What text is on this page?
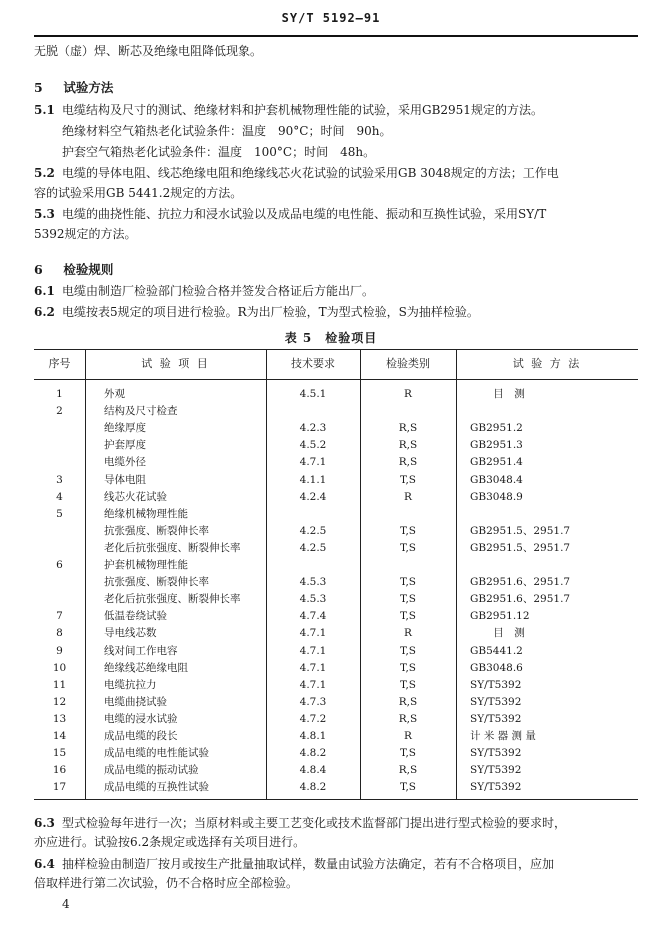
SY/T 5192—91
无脱（虚）焊、断芯及绝缘电阻降低现象。
5 试验方法
5.1 电缆结构及尺寸的测试、绝缘材料和护套机械物理性能的试验，采用GB2951规定的方法。
绝缘材料空气箱热老化试验条件：温度　90°C；时间　90h。
护套空气箱热老化试验条件：温度　100°C；时间　48h。
5.2 电缆的导体电阻、线芯绝缘电阻和绝缘线芯火花试验的试验采用GB 3048规定的方法；工作电
容的试验采用GB 5441.2规定的方法。
5.3 电缆的曲挠性能、抗拉力和浸水试验以及成品电缆的电性能、振动和互换性试验，采用SY/T
5392规定的方法。
6 检验规则
6.1 电缆由制造厂检验部门检验合格并签发合格证后方能出厂。
6.2 电缆按表5规定的项目进行检验。R为出厂检验，T为型式检验，S为抽样检验。
表 5　检验项目
序号	试 验 项 目	技术要求	检验类别	试 验 方 法
1	外观	4.5.1	R	目　测
2	结构及尺寸检查
绝缘厚度	4.2.3	R,S	GB2951.2
护套厚度	4.5.2	R,S	GB2951.3
电缆外径	4.7.1	R,S	GB2951.4
3	导体电阻	4.1.1	T,S	GB3048.4
4	线芯火花试验	4.2.4	R	GB3048.9
5	绝缘机械物理性能
抗张强度、断裂伸长率	4.2.5	T,S	GB2951.5、2951.7
老化后抗张强度、断裂伸长率	4.2.5	T,S	GB2951.5、2951.7
6	护套机械物理性能
抗张强度、断裂伸长率	4.5.3	T,S	GB2951.6、2951.7
老化后抗张强度、断裂伸长率	4.5.3	T,S	GB2951.6、2951.7
7	低温卷绕试验	4.7.4	T,S	GB2951.12
8	导电线芯数	4.7.1	R	目　测
9	线对间工作电容	4.7.1	T,S	GB5441.2
10	绝缘线芯绝缘电阻	4.7.1	T,S	GB3048.6
11	电缆抗拉力	4.7.1	T,S	SY/T5392
12	电缆曲挠试验	4.7.3	R,S	SY/T5392
13	电缆的浸水试验	4.7.2	R,S	SY/T5392
14	成品电缆的段长	4.8.1	R	计 米 器 测 量
15	成品电缆的电性能试验	4.8.2	T,S	SY/T5392
16	成品电缆的振动试验	4.8.4	R,S	SY/T5392
17	成品电缆的互换性试验	4.8.2	T,S	SY/T5392
6.3 型式检验每年进行一次；当原材料或主要工艺变化或技术监督部门提出进行型式检验的要求时，
亦应进行。试验按6.2条规定或选择有关项目进行。
6.4 抽样检验由制造厂按月或按生产批量抽取试样，数量由试验方法确定，若有不合格项目，应加
倍取样进行第二次试验，仍不合格时应全部检验。
4
